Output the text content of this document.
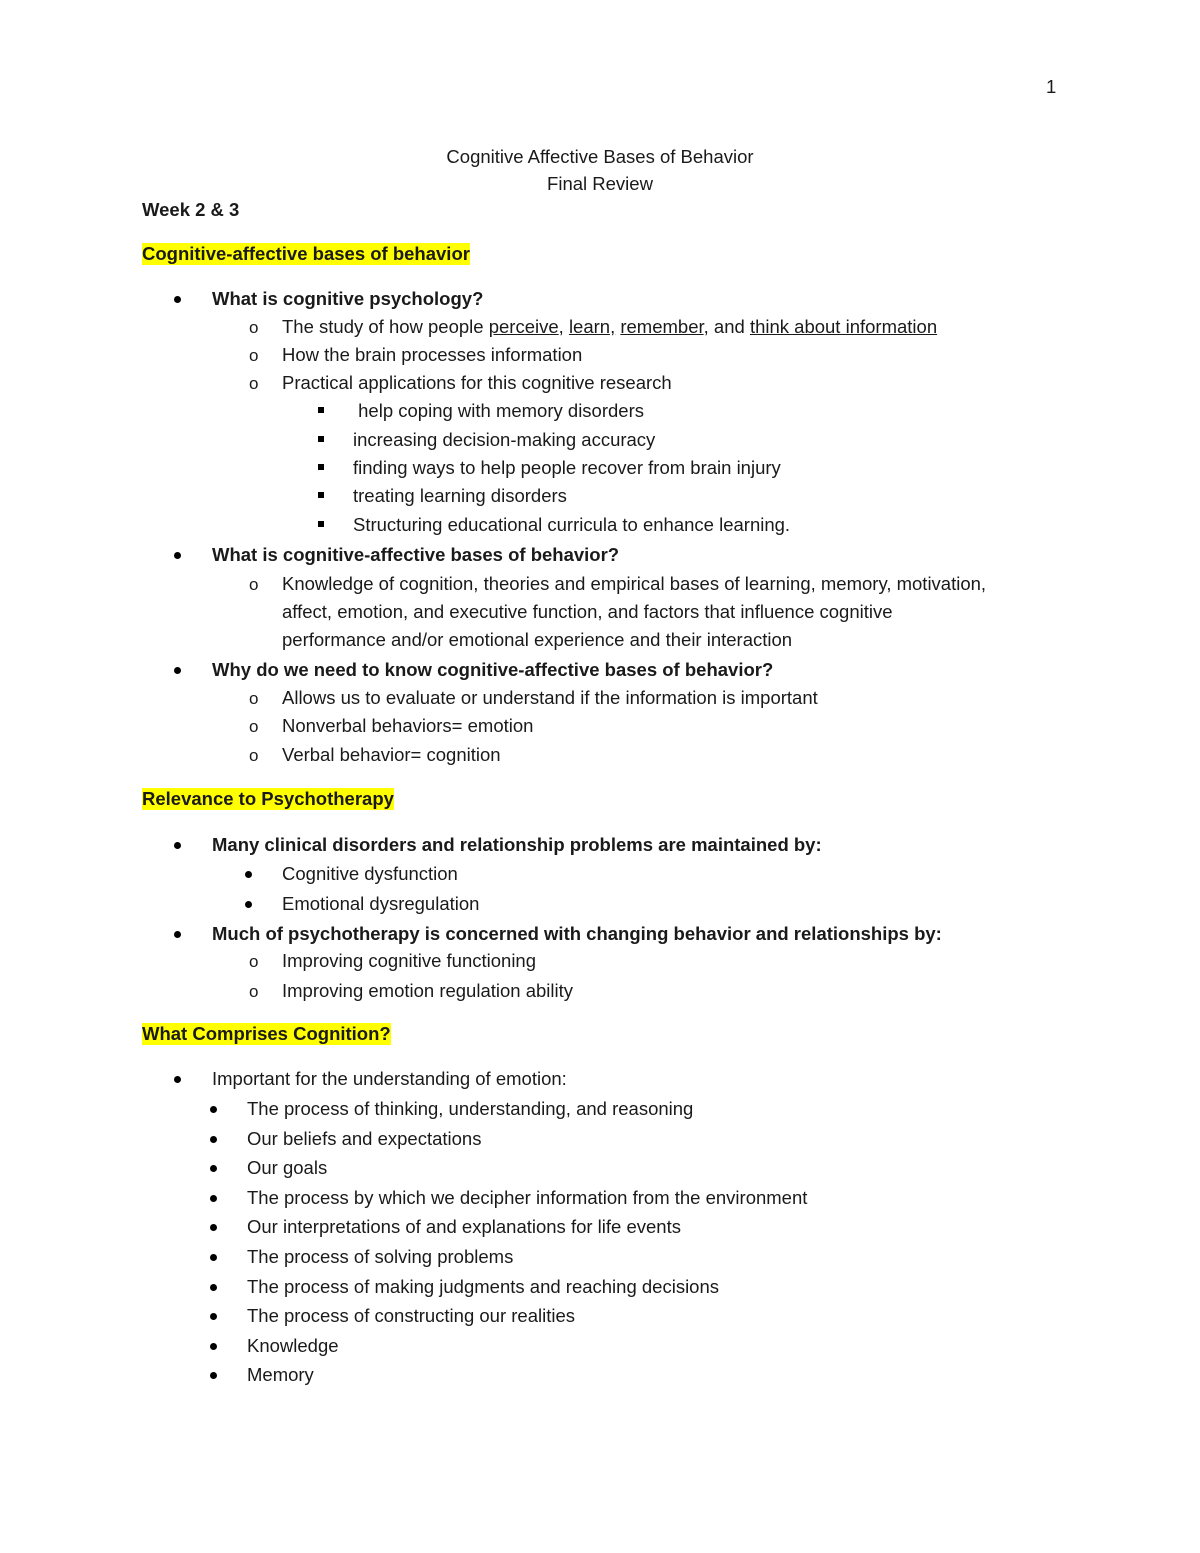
1
Cognitive Affective Bases of Behavior
Final Review
Week 2 & 3
Cognitive-affective bases of behavior
What is cognitive psychology?
o The study of how people perceive, learn, remember, and think about information
o How the brain processes information
o Practical applications for this cognitive research
help coping with memory disorders
increasing decision-making accuracy
finding ways to help people recover from brain injury
treating learning disorders
Structuring educational curricula to enhance learning.
What is cognitive-affective bases of behavior?
o Knowledge of cognition, theories and empirical bases of learning, memory, motivation,
affect, emotion, and executive function, and factors that influence cognitive
performance and/or emotional experience and their interaction
Why do we need to know cognitive-affective bases of behavior?
o Allows us to evaluate or understand if the information is important
o Nonverbal behaviors= emotion
o Verbal behavior= cognition
Relevance to Psychotherapy
Many clinical disorders and relationship problems are maintained by:
Cognitive dysfunction
Emotional dysregulation
Much of psychotherapy is concerned with changing behavior and relationships by:
o Improving cognitive functioning
o Improving emotion regulation ability
What Comprises Cognition?
Important for the understanding of emotion:
The process of thinking, understanding, and reasoning
Our beliefs and expectations
Our goals
The process by which we decipher information from the environment
Our interpretations of and explanations for life events
The process of solving problems
The process of making judgments and reaching decisions
The process of constructing our realities
Knowledge
Memory
